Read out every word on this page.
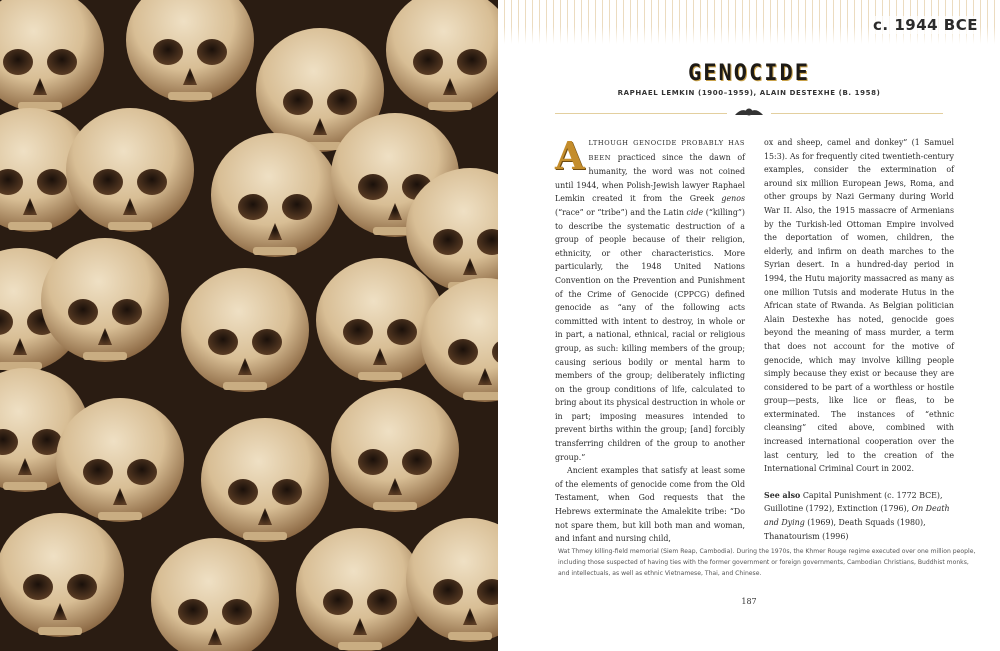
c. 1944 BCE
GENOCIDE
RAPHAEL LEMKIN (1900–1959), ALAIN DESTEXHE (B. 1958)

ALTHOUGH GENOCIDE PROBABLY HAS BEEN practiced since the dawn of humanity, the word was not coined until 1944, when Polish-Jewish lawyer Raphael Lemkin created it from the Greek genos (“race” or “tribe”) and the Latin cide (“killing”) to describe the systematic destruction of a group of people because of their religion, ethnicity, or other characteristics. More particularly, the 1948 United Nations Convention on the Prevention and Punishment of the Crime of Genocide (CPPCG) defined genocide as “any of the following acts committed with intent to destroy, in whole or in part, a national, ethnical, racial or religious group, as such: killing members of the group; causing serious bodily or mental harm to members of the group; deliberately inflicting on the group conditions of life, calculated to bring about its physical destruction in whole or in part; imposing measures intended to prevent births within the group; [and] forcibly transferring children of the group to another group.”

Ancient examples that satisfy at least some of the elements of genocide come from the Old Testament, when God requests that the Hebrews exterminate the Amalekite tribe: “Do not spare them, but kill both man and woman, and infant and nursing child,

ox and sheep, camel and donkey” (1 Samuel 15:3). As for frequently cited twentieth-century examples, consider the extermination of around six million European Jews, Roma, and other groups by Nazi Germany during World War II. Also, the 1915 massacre of Armenians by the Turkish-led Ottoman Empire involved the deportation of women, children, the elderly, and infirm on death marches to the Syrian desert. In a hundred-day period in 1994, the Hutu majority massacred as many as one million Tutsis and moderate Hutus in the African state of Rwanda. As Belgian politician Alain Destexhe has noted, genocide goes beyond the meaning of mass murder, a term that does not account for the motive of genocide, which may involve killing people simply because they exist or because they are considered to be part of a worthless or hostile group—pests, like lice or fleas, to be exterminated. The instances of “ethnic cleansing” cited above, combined with increased international cooperation over the last century, led to the creation of the International Criminal Court in 2002.

See also Capital Punishment (c. 1772 BCE), Guillotine (1792), Extinction (1796), On Death and Dying (1969), Death Squads (1980), Thanatourism (1996)

Wat Thmey killing-field memorial (Siem Reap, Cambodia). During the 1970s, the Khmer Rouge regime executed over one million people, including those suspected of having ties with the former government or foreign governments, Cambodian Christians, Buddhist monks, and intellectuals, as well as ethnic Vietnamese, Thai, and Chinese.
187
